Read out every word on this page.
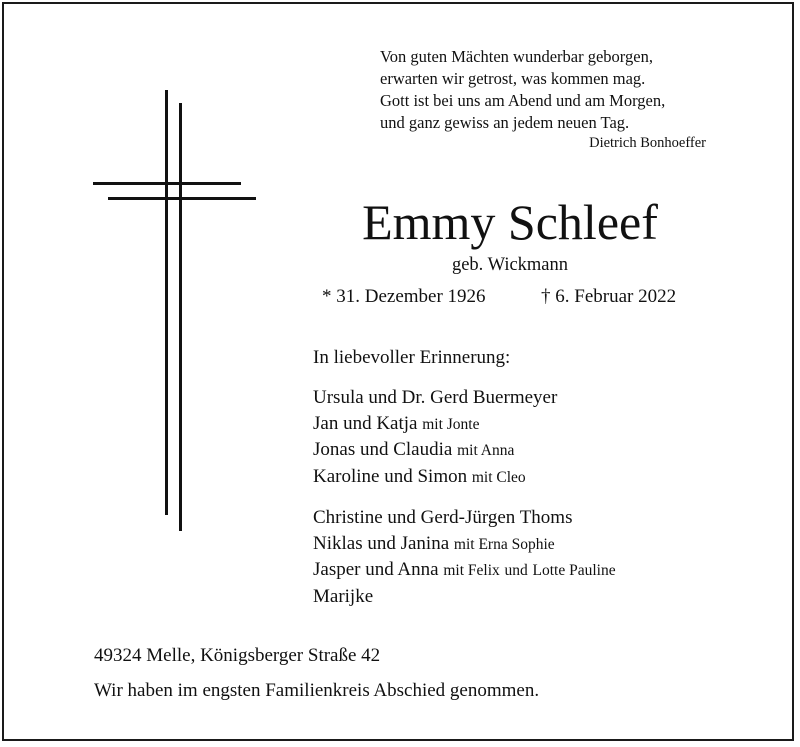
Von guten Mächten wunderbar geborgen,
erwarten wir getrost, was kommen mag.
Gott ist bei uns am Abend und am Morgen,
und ganz gewiss an jedem neuen Tag.
Dietrich Bonhoeffer
Emmy Schleef
geb. Wickmann
* 31. Dezember 1926	† 6. Februar 2022
In liebevoller Erinnerung:
Ursula und Dr. Gerd Buermeyer
Jan und Katja mit Jonte
Jonas und Claudia mit Anna
Karoline und Simon mit Cleo
Christine und Gerd-Jürgen Thoms
Niklas und Janina mit Erna Sophie
Jasper und Anna mit Felix und Lotte Pauline
Marijke
49324 Melle, Königsberger Straße 42
Wir haben im engsten Familienkreis Abschied genommen.
